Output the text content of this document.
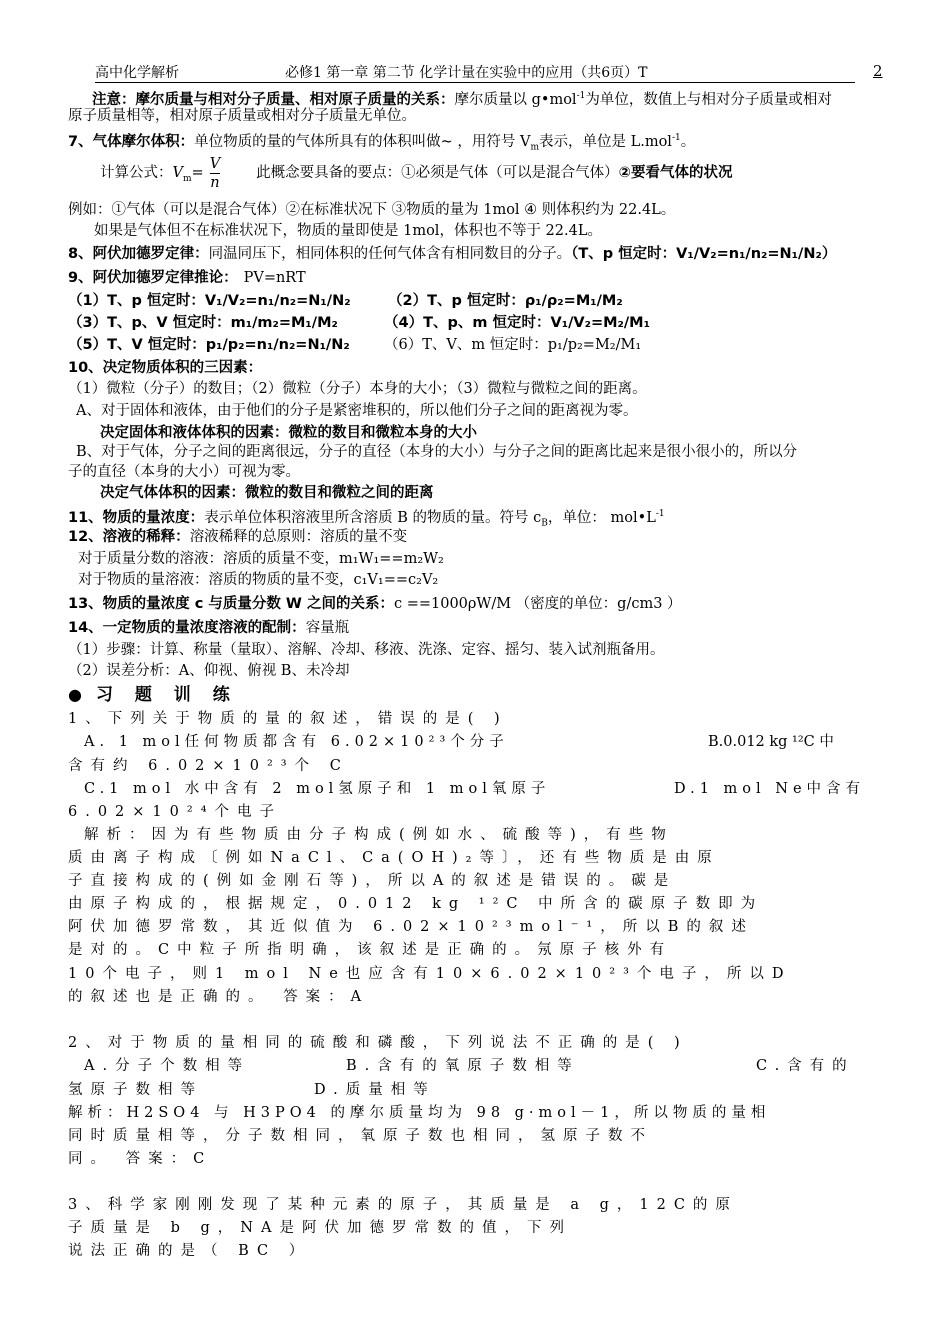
高中化学解析	必修1 第一章 第二节 化学计量在实验中的应用（共6页）T	2
注意：摩尔质量与相对分子质量、相对原子质量的关系：摩尔质量以 g•mol$^{-1}$为单位，数值上与相对分子质量或相对
原子质量相等，相对原子质量或相对分子质量无单位。
7、气体摩尔体积：单位物质的量的气体所具有的体积叫做~ ，用符号 $V_m$表示，单位是 L.mol$^{-1}$。
计算公式：$V_m= \frac{V}{n}$ 此概念要具备的要点：①必须是气体（可以是混合气体）②要看气体的状况
例如：①气体（可以是混合气体）②在标准状况下 ③物质的量为 1mol ④ 则体积约为 22.4L。
如果是气体但不在标准状况下，物质的量即使是 1mol，体积也不等于 22.4L。
8、阿伏加德罗定律：同温同压下，相同体积的任何气体含有相同数目的分子。（T、p 恒定时：V₁/V₂=n₁/n₂=N₁/N₂）
9、阿伏加德罗定律推论： PV=nRT
（1）T、p 恒定时：V₁/V₂=n₁/n₂=N₁/N₂	（2）T、p 恒定时：ρ₁/ρ₂=M₁/M₂
（3）T、p、V 恒定时：m₁/m₂=M₁/M₂	（4）T、p、m 恒定时：V₁/V₂=M₂/M₁
（5）T、V 恒定时：p₁/p₂=n₁/n₂=N₁/N₂ （6）T、V、m 恒定时：p₁/p₂=M₂/M₁
10、决定物质体积的三因素：
（1）微粒（分子）的数目；（2）微粒（分子）本身的大小；（3）微粒与微粒之间的距离。
A、对于固体和液体，由于他们的分子是紧密堆积的，所以他们分子之间的距离视为零。
决定固体和液体体积的因素：微粒的数目和微粒本身的大小
B、对于气体，分子之间的距离很远，分子的直径（本身的大小）与分子之间的距离比起来是很小很小的，所以分
子的直径（本身的大小）可视为零。
决定气体体积的因素：微粒的数目和微粒之间的距离
11、物质的量浓度：表示单位体积溶液里所含溶质 B 的物质的量。符号 $c_B$，单位： $mol•L^{-1}$
12、溶液的稀释：溶液稀释的总原则：溶质的量不变
对于质量分数的溶液：溶质的质量不变，m₁W₁==m₂W₂
对于物质的量溶液：溶质的物质的量不变，c₁V₁==c₂V₂
13、物质的量浓度 c 与质量分数 W 之间的关系：c ==1000ρW/M （密度的单位：g/cm3 ）
14、一定物质的量浓度溶液的配制：容量瓶
（1）步骤：计算、称量（量取）、溶解、冷却、移液、洗涤、定容、摇匀、装入试剂瓶备用。
（2）误差分析：A、仰视、俯视 B、未冷却
● 习 题 训 练
1、下列关于物质的量的叙述，错误的是( )
A. 1 mol任何物质都含有 6.02×10²³个分子	B.0.012 kg ¹²C 中
含有约 6.02×10²³个 C
C.1 mol 水中含有 2 mol氢原子和 1 mol氧原子	D.1 mol Ne中含有
6.02×10²⁴个电子
解析：因为有些物质由分子构成(例如水、硫酸等)，有些物
质由离子构成〔例如NaCl、Ca(OH)₂等〕，还有些物质是由原
子直接构成的(例如金刚石等)，所以A的叙述是错误的。碳是
由原子构成的，根据规定，0.012 kg ¹²C 中所含的碳原子数即为
阿伏加德罗常数，其近似值为 6.02×10²³mol⁻¹，所以B的叙述
是对的。C中粒子所指明确，该叙述是正确的。氖原子核外有
10个电子，则1 mol Ne也应含有10×6.02×10²³个电子，所以D
的叙述也是正确的。 答案：A
2、对于物质的量相同的硫酸和磷酸，下列说法不正确的是( )
A.分子个数相等	B.含有的氧原子数相等	C.含有的
氢原子数相等	D.质量相等
解析：H2SO4 与 H3PO4 的摩尔质量均为 98 g·mol－1，所以物质的量相
同时质量相等，分子数相同，氧原子数也相同，氢原子数不
同。 答案：C
3、科学家刚刚发现了某种元素的原子，其质量是 a g，12C的原
子质量是 b g，NA是阿伏加德罗常数的值，下列
说法正确的是（ BC ）
